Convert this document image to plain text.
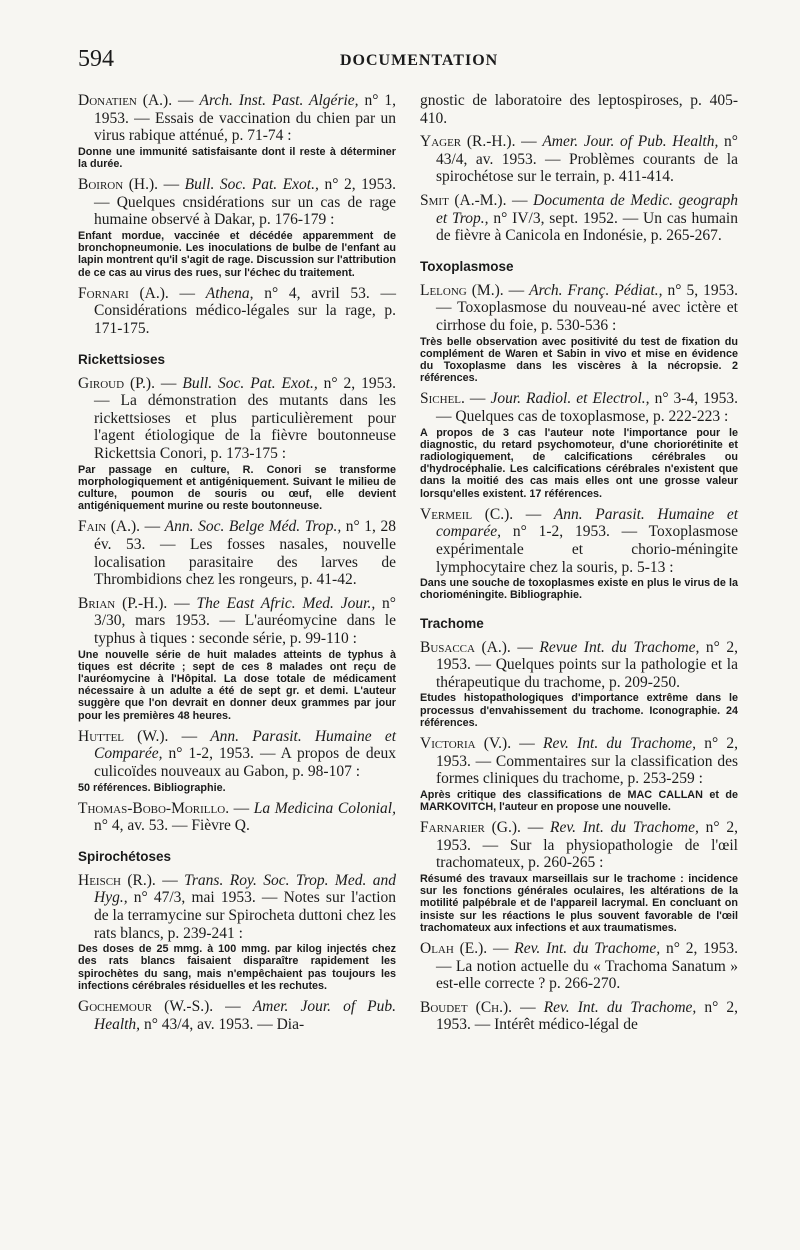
594	DOCUMENTATION

Donatien (A.). — Arch. Inst. Past. Algérie, n° 1, 1953. — Essais de vaccination du chien par un virus rabique atténué, p. 71-74 :

Donne une immunité satisfaisante dont il reste à déterminer la durée.

Boiron (H.). — Bull. Soc. Pat. Exot., n° 2, 1953. — Quelques cnsidérations sur un cas de rage humaine observé à Dakar, p. 176-179 :

Enfant mordue, vaccinée et décédée apparemment de bronchopneumonie. Les inoculations de bulbe de l'enfant au lapin montrent qu'il s'agit de rage. Discussion sur l'attribution de ce cas au virus des rues, sur l'échec du traitement.

Fornari (A.). — Athena, n° 4, avril 53. — Considérations médico-légales sur la rage, p. 171-175.

Rickettsioses

Giroud (P.). — Bull. Soc. Pat. Exot., n° 2, 1953. — La démonstration des mutants dans les rickettsioses et plus particulièrement pour l'agent étiologique de la fièvre boutonneuse Rickettsia Conori, p. 173-175 :

Par passage en culture, R. Conori se transforme morphologiquement et antigéniquement. Suivant le milieu de culture, poumon de souris ou œuf, elle devient antigéniquement murine ou reste boutonneuse.

Fain (A.). — Ann. Soc. Belge Méd. Trop., n° 1, 28 év. 53. — Les fosses nasales, nouvelle localisation parasitaire des larves de Thrombidions chez les rongeurs, p. 41-42.

Brian (P.-H.). — The East Afric. Med. Jour., n° 3/30, mars 1953. — L'auréomycine dans le typhus à tiques : seconde série, p. 99-110 :

Une nouvelle série de huit malades atteints de typhus à tiques est décrite ; sept de ces 8 malades ont reçu de l'auréomycine à l'Hôpital. La dose totale de médicament nécessaire à un adulte a été de sept gr. et demi. L'auteur suggère que l'on devrait en donner deux grammes par jour pour les premières 48 heures.

Huttel (W.). — Ann. Parasit. Humaine et Comparée, n° 1-2, 1953. — A propos de deux culicoïdes nouveaux au Gabon, p. 98-107 :

50 références. Bibliographie.

Thomas-Bobo-Morillo. — La Medicina Colonial, n° 4, av. 53. — Fièvre Q.

Spirochétoses

Heisch (R.). — Trans. Roy. Soc. Trop. Med. and Hyg., n° 47/3, mai 1953. — Notes sur l'action de la terramycine sur Spirocheta duttoni chez les rats blancs, p. 239-241 :

Des doses de 25 mmg. à 100 mmg. par kilog injectés chez des rats blancs faisaient disparaître rapidement les spirochètes du sang, mais n'empêchaient pas toujours les infections cérébrales résiduelles et les rechutes.

Gochemour (W.-S.). — Amer. Jour. of Pub. Health, n° 43/4, av. 1953. — Dia-

gnostic de laboratoire des leptospiroses, p. 405-410.

Yager (R.-H.). — Amer. Jour. of Pub. Health, n° 43/4, av. 1953. — Problèmes courants de la spirochétose sur le terrain, p. 411-414.

Smit (A.-M.). — Documenta de Medic. geograph et Trop., n° IV/3, sept. 1952. — Un cas humain de fièvre à Canicola en Indonésie, p. 265-267.

Toxoplasmose

Lelong (M.). — Arch. Franç. Pédiat., n° 5, 1953. — Toxoplasmose du nouveau-né avec ictère et cirrhose du foie, p. 530-536 :

Très belle observation avec positivité du test de fixation du complément de Waren et Sabin in vivo et mise en évidence du Toxoplasme dans les viscères à la nécropsie. 2 références.

Sichel. — Jour. Radiol. et Electrol., n° 3-4, 1953. — Quelques cas de toxoplasmose, p. 222-223 :

A propos de 3 cas l'auteur note l'importance pour le diagnostic, du retard psychomoteur, d'une choriorétinite et radiologiquement, de calcifications cérébrales ou d'hydrocéphalie. Les calcifications cérébrales n'existent que dans la moitié des cas mais elles ont une grosse valeur lorsqu'elles existent. 17 références.

Vermeil (C.). — Ann. Parasit. Humaine et comparée, n° 1-2, 1953. — Toxoplasmose expérimentale et chorio-méningite lymphocytaire chez la souris, p. 5-13 :

Dans une souche de toxoplasmes existe en plus le virus de la chorioméningite. Bibliographie.

Trachome

Busacca (A.). — Revue Int. du Trachome, n° 2, 1953. — Quelques points sur la pathologie et la thérapeutique du trachome, p. 209-250.

Etudes histopathologiques d'importance extrême dans le processus d'envahissement du trachome. Iconographie. 24 références.

Victoria (V.). — Rev. Int. du Trachome, n° 2, 1953. — Commentaires sur la classification des formes cliniques du trachome, p. 253-259 :

Après critique des classifications de MAC CALLAN et de MARKOVITCH, l'auteur en propose une nouvelle.

Farnarier (G.). — Rev. Int. du Trachome, n° 2, 1953. — Sur la physiopathologie de l'œil trachomateux, p. 260-265 :

Résumé des travaux marseillais sur le trachome : incidence sur les fonctions générales oculaires, les altérations de la motilité palpébrale et de l'appareil lacrymal. En concluant on insiste sur les réactions le plus souvent favorable de l'œil trachomateux aux infections et aux traumatismes.

Olah (E.). — Rev. Int. du Trachome, n° 2, 1953. — La notion actuelle du « Trachoma Sanatum » est-elle correcte ? p. 266-270.

Boudet (Ch.). — Rev. Int. du Trachome, n° 2, 1953. — Intérêt médico-légal de
